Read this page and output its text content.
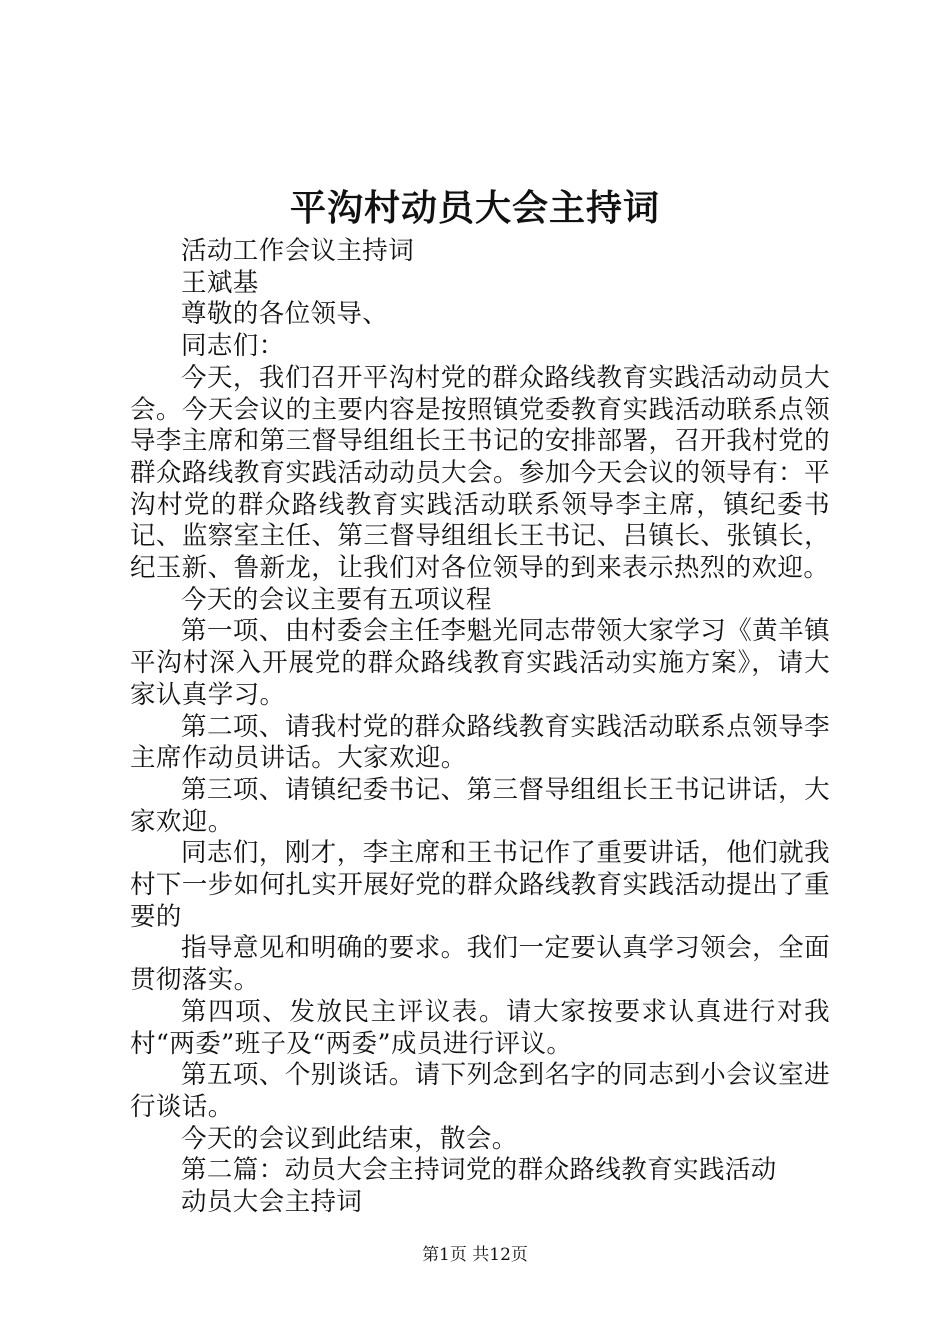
平沟村动员大会主持词

活动工作会议主持词

王斌基

尊敬的各位领导、

同志们：

今天，我们召开平沟村党的群众路线教育实践活动动员大会。今天会议的主要内容是按照镇党委教育实践活动联系点领导李主席和第三督导组组长王书记的安排部署，召开我村党的群众路线教育实践活动动员大会。参加今天会议的领导有：平沟村党的群众路线教育实践活动联系领导李主席，镇纪委书记、监察室主任、第三督导组组长王书记、吕镇长、张镇长，纪玉新、鲁新龙，让我们对各位领导的到来表示热烈的欢迎。

今天的会议主要有五项议程

第一项、由村委会主任李魁光同志带领大家学习《黄羊镇平沟村深入开展党的群众路线教育实践活动实施方案》，请大家认真学习。

第二项、请我村党的群众路线教育实践活动联系点领导李主席作动员讲话。大家欢迎。

第三项、请镇纪委书记、第三督导组组长王书记讲话，大家欢迎。

同志们，刚才，李主席和王书记作了重要讲话，他们就我村下一步如何扎实开展好党的群众路线教育实践活动提出了重要的

指导意见和明确的要求。我们一定要认真学习领会，全面贯彻落实。

第四项、发放民主评议表。请大家按要求认真进行对我村“两委”班子及“两委”成员进行评议。

第五项、个别谈话。请下列念到名字的同志到小会议室进行谈话。

今天的会议到此结束，散会。

第二篇：动员大会主持词党的群众路线教育实践活动

动员大会主持词

第1页 共12页
